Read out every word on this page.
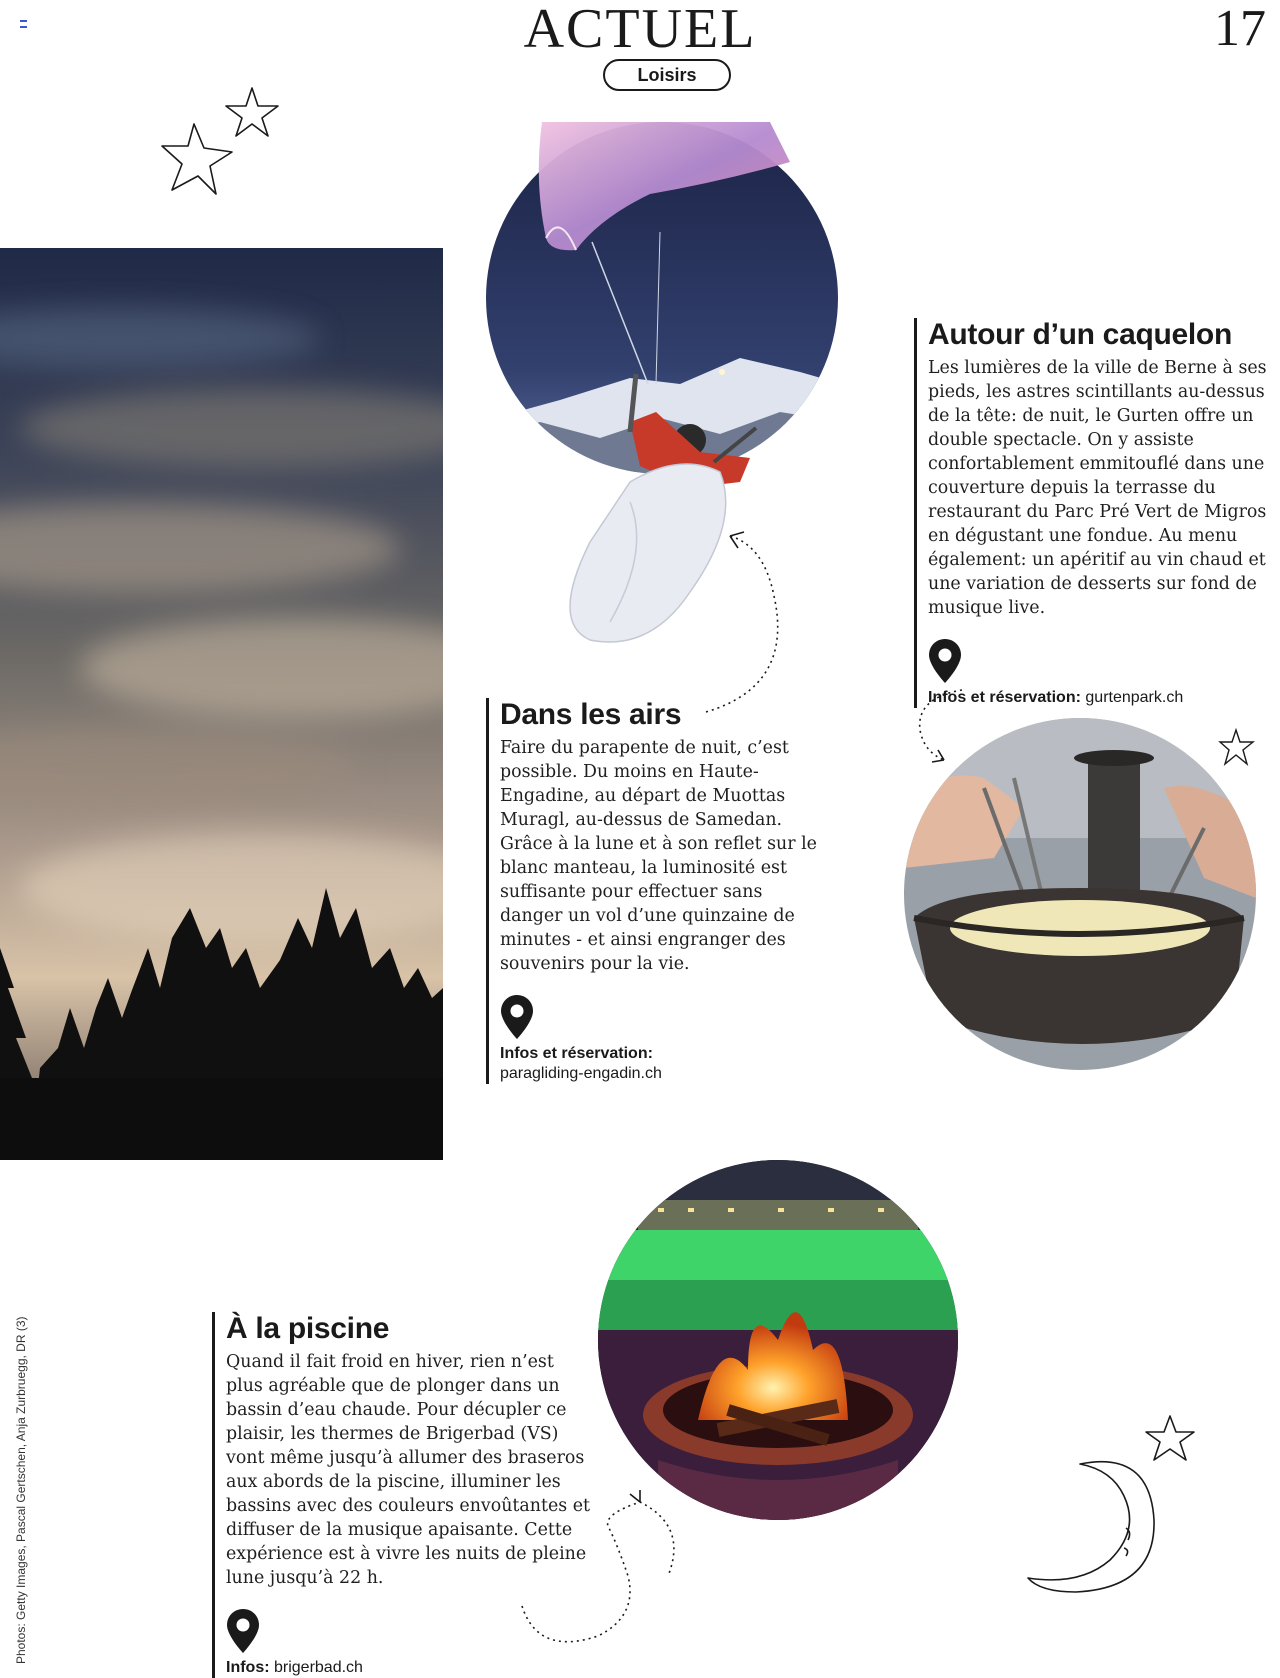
ACTUEL
Loisirs
17
Autour d’un caquelon

Les lumières de la ville de Berne à ses pieds, les astres scintillants au-dessus de la tête: de nuit, le Gurten offre un double spectacle. On y assiste confortablement emmitouflé dans une couverture depuis la terrasse du restaurant du Parc Pré Vert de Migros en dégustant une fondue. Au menu également: un apéritif au vin chaud et une variation de desserts sur fond de musique live.

Infos et réservation: gurtenpark.ch
Dans les airs

Faire du parapente de nuit, c’est possible. Du moins en Haute-Engadine, au départ de Muottas Muragl, au-dessus de Samedan. Grâce à la lune et à son reflet sur le blanc manteau, la luminosité est suffisante pour effectuer sans danger un vol d’une quinzaine de minutes - et ainsi engranger des souvenirs pour la vie.

Infos et réservation:
paragliding-engadin.ch
À la piscine

Quand il fait froid en hiver, rien n’est plus agréable que de plonger dans un bassin d’eau chaude. Pour décupler ce plaisir, les thermes de Brigerbad (VS) vont même jusqu’à allumer des braseros aux abords de la piscine, illuminer les bassins avec des couleurs envoûtantes et diffuser de la musique apaisante. Cette expérience est à vivre les nuits de pleine lune jusqu’à 22 h.

Infos: brigerbad.ch
Photos: Getty Images, Pascal Gertschen, Anja Zurbruegg, DR (3)
